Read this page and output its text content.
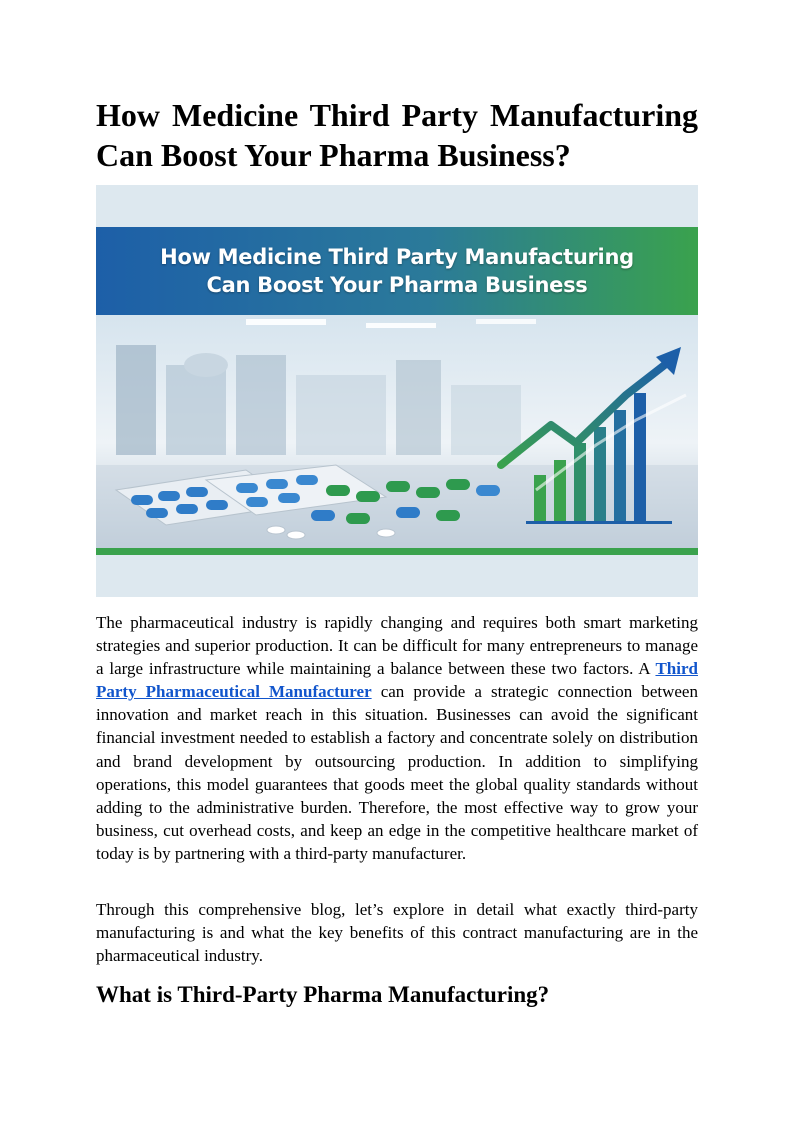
How Medicine Third Party Manufacturing Can Boost Your Pharma Business?
How Medicine Third Party Manufacturing
Can Boost Your Pharma Business

The pharmaceutical industry is rapidly changing and requires both smart marketing strategies and superior production. It can be difficult for many entrepreneurs to manage a large infrastructure while maintaining a balance between these two factors. A Third Party Pharmaceutical Manufacturer can provide a strategic connection between innovation and market reach in this situation. Businesses can avoid the significant financial investment needed to establish a factory and concentrate solely on distribution and brand development by outsourcing production. In addition to simplifying operations, this model guarantees that goods meet the global quality standards without adding to the administrative burden. Therefore, the most effective way to grow your business, cut overhead costs, and keep an edge in the competitive healthcare market of today is by partnering with a third-party manufacturer.

Through this comprehensive blog, let’s explore in detail what exactly third-party manufacturing is and what the key benefits of this contract manufacturing are in the pharmaceutical industry.

What is Third-Party Pharma Manufacturing?
